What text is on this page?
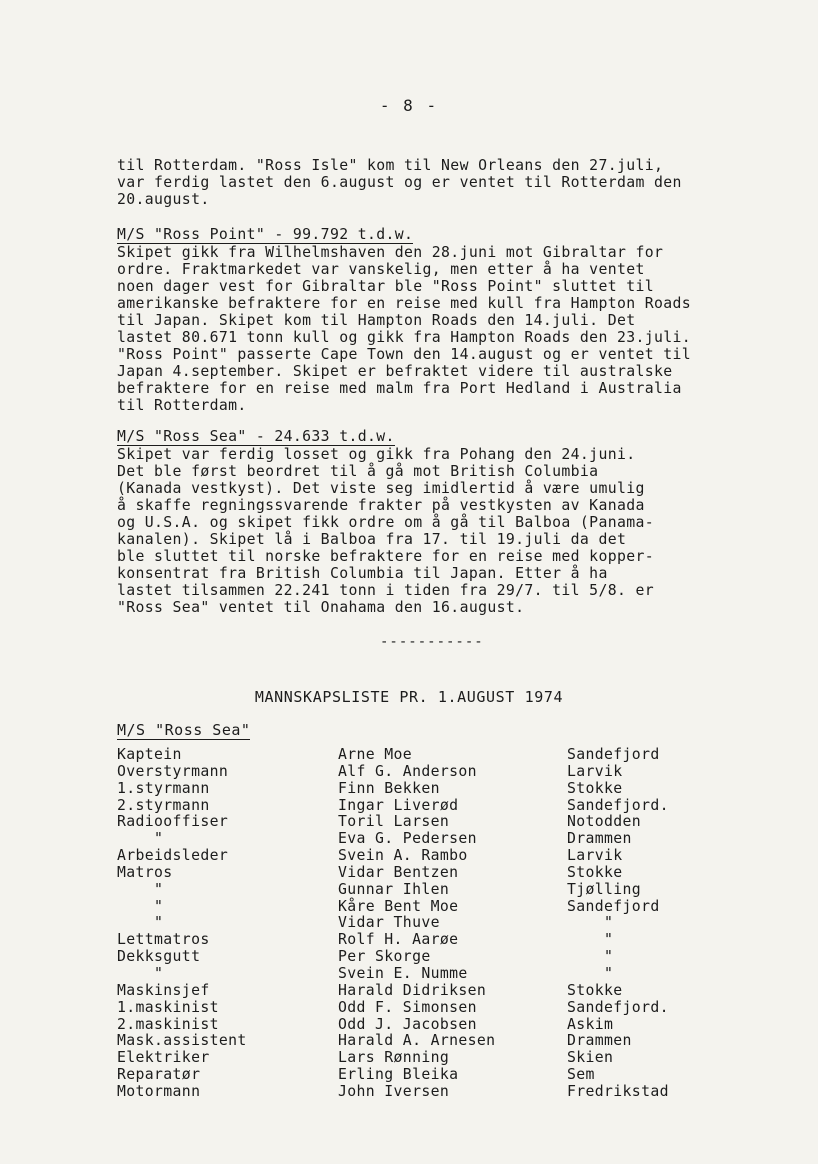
- 8 -

til Rotterdam. "Ross Isle" kom til New Orleans den 27.juli,
var ferdig lastet den 6.august og er ventet til Rotterdam den
20.august.

M/S "Ross Point" - 99.792 t.d.w.
Skipet gikk fra Wilhelmshaven den 28.juni mot Gibraltar for
ordre. Fraktmarkedet var vanskelig, men etter å ha ventet
noen dager vest for Gibraltar ble "Ross Point" sluttet til
amerikanske befraktere for en reise med kull fra Hampton Roads
til Japan. Skipet kom til Hampton Roads den 14.juli. Det
lastet 80.671 tonn kull og gikk fra Hampton Roads den 23.juli.
"Ross Point" passerte Cape Town den 14.august og er ventet til
Japan 4.september. Skipet er befraktet videre til australske
befraktere for en reise med malm fra Port Hedland i Australia
til Rotterdam.

M/S "Ross Sea" - 24.633 t.d.w.
Skipet var ferdig losset og gikk fra Pohang den 24.juni.
Det ble først beordret til å gå mot British Columbia
(Kanada vestkyst). Det viste seg imidlertid å være umulig
å skaffe regningssvarende frakter på vestkysten av Kanada
og U.S.A. og skipet fikk ordre om å gå til Balboa (Panama-
kanalen). Skipet lå i Balboa fra 17. til 19.juli da det
ble sluttet til norske befraktere for en reise med kopper-
konsentrat fra British Columbia til Japan. Etter å ha
lastet tilsammen 22.241 tonn i tiden fra 29/7. til 5/8. er
"Ross Sea" ventet til Onahama den 16.august.

-----------
MANNSKAPSLISTE PR. 1.AUGUST 1974
M/S "Ross Sea"
Kaptein	Arne Moe	Sandefjord
Overstyrmann	Alf G. Anderson	Larvik
1.styrmann	Finn Bekken	Stokke
2.styrmann	Ingar Liverød	Sandefjord.
Radiooffiser	Toril Larsen	Notodden
"	Eva G. Pedersen	Drammen
Arbeidsleder	Svein A. Rambo	Larvik
Matros	Vidar Bentzen	Stokke
"	Gunnar Ihlen	Tjølling
"	Kåre Bent Moe	Sandefjord
"	Vidar Thuve	"
Lettmatros	Rolf H. Aarøe	"
Dekksgutt	Per Skorge	"
"	Svein E. Numme	"
Maskinsjef	Harald Didriksen	Stokke
1.maskinist	Odd F. Simonsen	Sandefjord.
2.maskinist	Odd J. Jacobsen	Askim
Mask.assistent	Harald A. Arnesen	Drammen
Elektriker	Lars Rønning	Skien
Reparatør	Erling Bleika	Sem
Motormann	John Iversen	Fredrikstad
